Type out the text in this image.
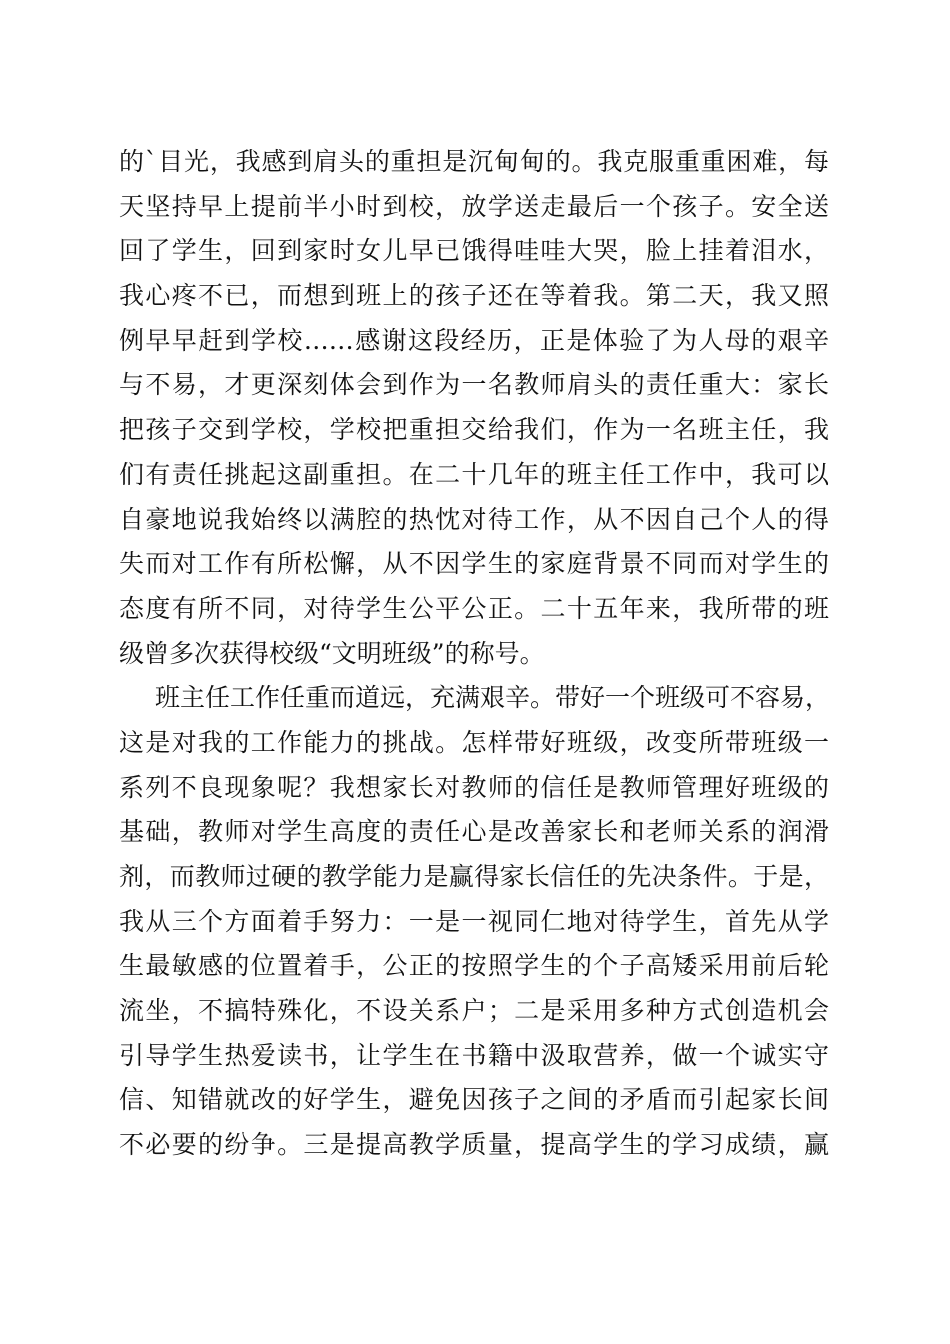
的`目光，我感到肩头的重担是沉甸甸的。我克服重重困难，每
天坚持早上提前半小时到校，放学送走最后一个孩子。安全送
回了学生，回到家时女儿早已饿得哇哇大哭，脸上挂着泪水，
我心疼不已，而想到班上的孩子还在等着我。第二天，我又照
例早早赶到学校……感谢这段经历，正是体验了为人母的艰辛
与不易，才更深刻体会到作为一名教师肩头的责任重大：家长
把孩子交到学校，学校把重担交给我们，作为一名班主任，我
们有责任挑起这副重担。在二十几年的班主任工作中，我可以
自豪地说我始终以满腔的热忱对待工作，从不因自己个人的得
失而对工作有所松懈，从不因学生的家庭背景不同而对学生的
态度有所不同，对待学生公平公正。二十五年来，我所带的班
级曾多次获得校级“文明班级”的称号。
班主任工作任重而道远，充满艰辛。带好一个班级可不容易，
这是对我的工作能力的挑战。怎样带好班级，改变所带班级一
系列不良现象呢？我想家长对教师的信任是教师管理好班级的
基础，教师对学生高度的责任心是改善家长和老师关系的润滑
剂，而教师过硬的教学能力是赢得家长信任的先决条件。于是，
我从三个方面着手努力：一是一视同仁地对待学生，首先从学
生最敏感的位置着手，公正的按照学生的个子高矮采用前后轮
流坐，不搞特殊化，不设关系户；二是采用多种方式创造机会
引导学生热爱读书，让学生在书籍中汲取营养，做一个诚实守
信、知错就改的好学生，避免因孩子之间的矛盾而引起家长间
不必要的纷争。三是提高教学质量，提高学生的学习成绩，赢
